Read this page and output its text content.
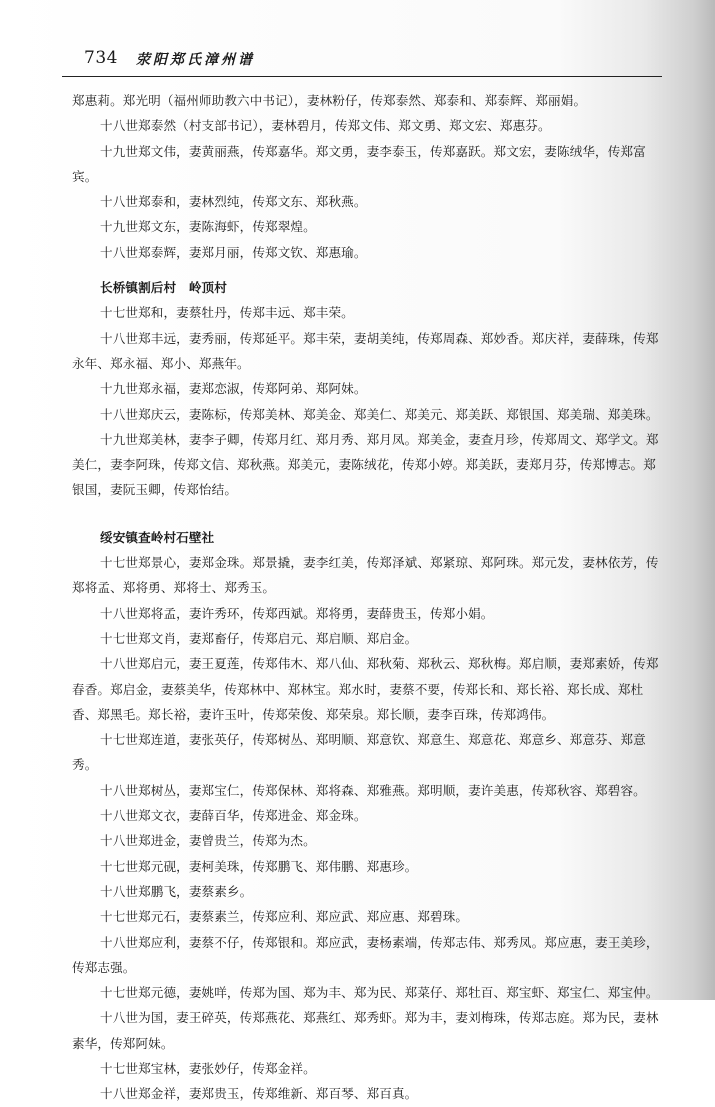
734 荥阳郑氏漳州谱

郑惠莉。郑光明（福州师助教六中书记），妻林粉仔，传郑泰然、郑泰和、郑泰辉、郑丽娟。

十八世郑泰然（村支部书记），妻林碧月，传郑文伟、郑文勇、郑文宏、郑惠芬。

十九世郑文伟，妻黄丽燕，传郑嘉华。郑文勇，妻李泰玉，传郑嘉跃。郑文宏，妻陈绒华，传郑富

宾。

十八世郑泰和，妻林烈纯，传郑文东、郑秋燕。

十九世郑文东，妻陈海虾，传郑翠煌。

十八世郑泰辉，妻郑月丽，传郑文钦、郑惠瑜。

长桥镇割后村　岭顶村

十七世郑和，妻蔡牡丹，传郑丰远、郑丰荣。

十八世郑丰远，妻秀丽，传郑延平。郑丰荣，妻胡美纯，传郑周森、郑妙香。郑庆祥，妻薛珠，传郑

永年、郑永福、郑小、郑燕年。

十九世郑永福，妻郑恋淑，传郑阿弟、郑阿妹。

十八世郑庆云，妻陈标，传郑美林、郑美金、郑美仁、郑美元、郑美跃、郑银国、郑美瑞、郑美珠。

十九世郑美林，妻李子卿，传郑月红、郑月秀、郑月凤。郑美金，妻查月珍，传郑周文、郑学文。郑

美仁，妻李阿珠，传郑文信、郑秋燕。郑美元，妻陈绒花，传郑小婷。郑美跃，妻郑月芬，传郑博志。郑

银国，妻阮玉卿，传郑怡结。

绥安镇查岭村石壁社

十七世郑景心，妻郑金珠。郑景撬，妻李红美，传郑泽斌、郑紧琼、郑阿珠。郑元发，妻林依芳，传

郑将孟、郑将勇、郑将士、郑秀玉。

十八世郑将孟，妻许秀环，传郑西斌。郑将勇，妻薛贵玉，传郑小娟。

十七世郑文肖，妻郑畜仔，传郑启元、郑启顺、郑启金。

十八世郑启元，妻王夏莲，传郑伟木、郑八仙、郑秋菊、郑秋云、郑秋梅。郑启顺，妻郑素娇，传郑

春香。郑启金，妻蔡美华，传郑林中、郑林宝。郑水时，妻蔡不要，传郑长和、郑长裕、郑长成、郑杜

香、郑黑毛。郑长裕，妻许玉叶，传郑荣俊、郑荣泉。郑长顺，妻李百珠，传郑鸿伟。

十七世郑连道，妻张英仔，传郑树丛、郑明顺、郑意钦、郑意生、郑意花、郑意乡、郑意芬、郑意

秀。

十八世郑树丛，妻郑宝仁，传郑保林、郑将森、郑雅燕。郑明顺，妻许美惠，传郑秋容、郑碧容。

十八世郑文衣，妻薛百华，传郑进金、郑金珠。

十八世郑进金，妻曾贵兰，传郑为杰。

十七世郑元砚，妻柯美珠，传郑鹏飞、郑伟鹏、郑惠珍。

十八世郑鹏飞，妻蔡素乡。

十七世郑元石，妻蔡素兰，传郑应利、郑应武、郑应惠、郑碧珠。

十八世郑应利，妻蔡不仔，传郑银和。郑应武，妻杨素端，传郑志伟、郑秀凤。郑应惠，妻王美珍，

传郑志强。

十七世郑元德，妻姚咩，传郑为国、郑为丰、郑为民、郑菜仔、郑牡百、郑宝虾、郑宝仁、郑宝仲。

十八世为国，妻王碎英，传郑燕花、郑燕红、郑秀虾。郑为丰，妻刘梅珠，传郑志庭。郑为民，妻林

素华，传郑阿妹。

十七世郑宝林，妻张妙仔，传郑金祥。

十八世郑金祥，妻郑贵玉，传郑维新、郑百琴、郑百真。
